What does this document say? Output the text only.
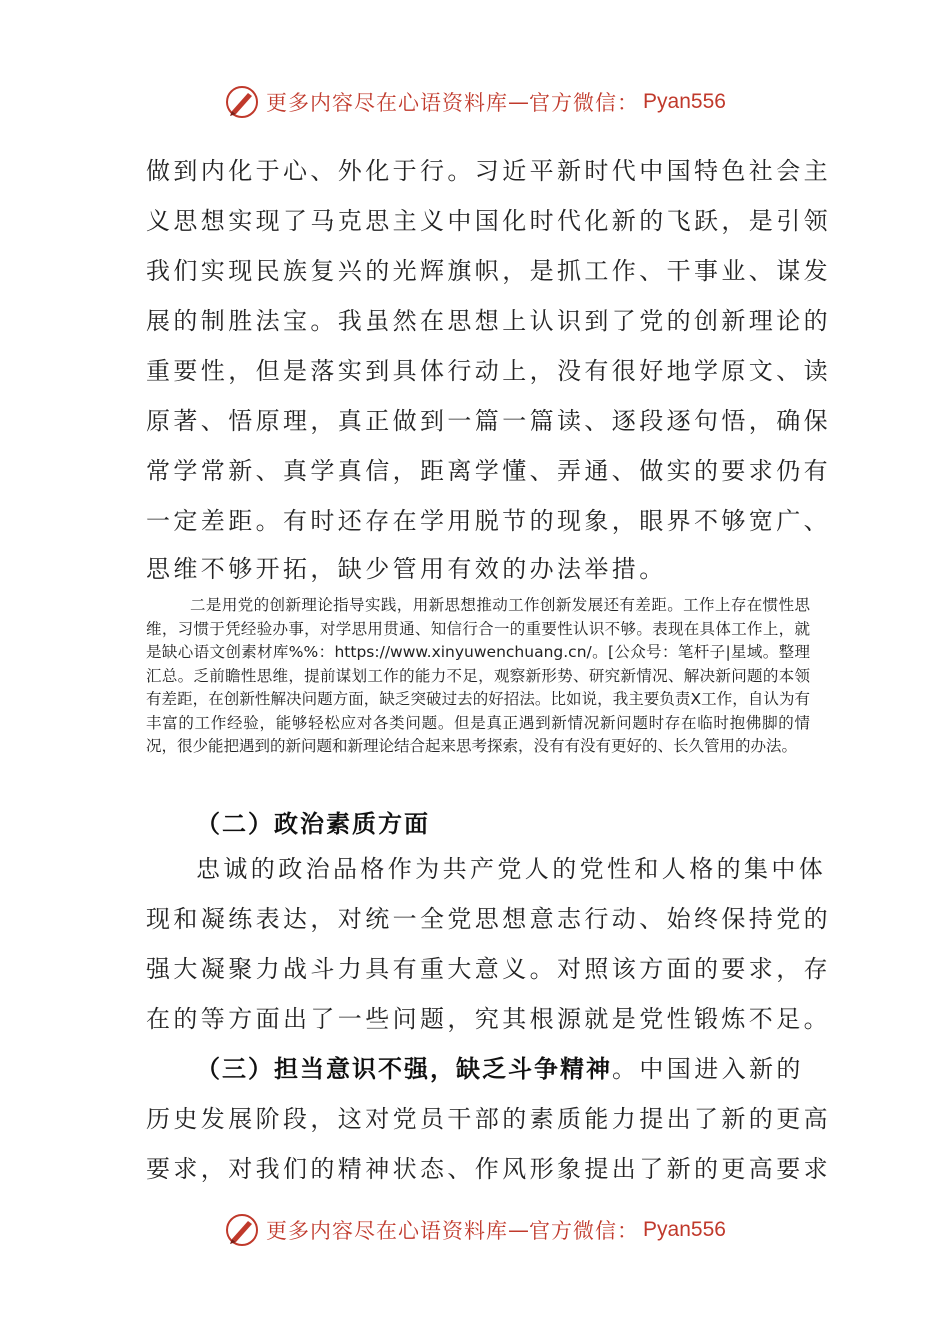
更多内容尽在心语资料库 — 官方微信： Pyan556
做到内化于心、外化于行。习近平新时代中国特色社会主
义思想实现了马克思主义中国化时代化新的飞跃，是引领
我们实现民族复兴的光辉旗帜，是抓工作、干事业、谋发
展的制胜法宝。我虽然在思想上认识到了党的创新理论的
重要性，但是落实到具体行动上，没有很好地学原文、读
原著、悟原理，真正做到一篇一篇读、逐段逐句悟，确保
常学常新、真学真信，距离学懂、弄通、做实的要求仍有
一定差距。有时还存在学用脱节的现象，眼界不够宽广、
思维不够开拓，缺少管用有效的办法举措。
二是用党的创新理论指导实践，用新思想推动工作创新发展还有差距。工作上存在惯性思维，习惯于凭经验办事，对学思用贯通、知信行合一的重要性认识不够。表现在具体工作上，就是缺心语文创素材库%%：https://www.xinyuwenchuang.cn/。[公众号：笔杆子|星域。整理汇总。乏前瞻性思维，提前谋划工作的能力不足，观察新形势、研究新情况、解决新问题的本领有差距，在创新性解决问题方面，缺乏突破过去的好招法。比如说，我主要负责X工作，自认为有丰富的工作经验，能够轻松应对各类问题。但是真正遇到新情况新问题时存在临时抱佛脚的情况，很少能把遇到的新问题和新理论结合起来思考探索，没有有没有更好的、长久管用的办法。
（二）政治素质方面
忠诚的政治品格作为共产党人的党性和人格的集中体
现和凝练表达，对统一全党思想意志行动、始终保持党的
强大凝聚力战斗力具有重大意义。对照该方面的要求，存
在的等方面出了一些问题，究其根源就是党性锻炼不足。
（三）担当意识不强，缺乏斗争精神。中国进入新的
历史发展阶段，这对党员干部的素质能力提出了新的更高
要求，对我们的精神状态、作风形象提出了新的更高要求
更多内容尽在心语资料库 — 官方微信： Pyan556
